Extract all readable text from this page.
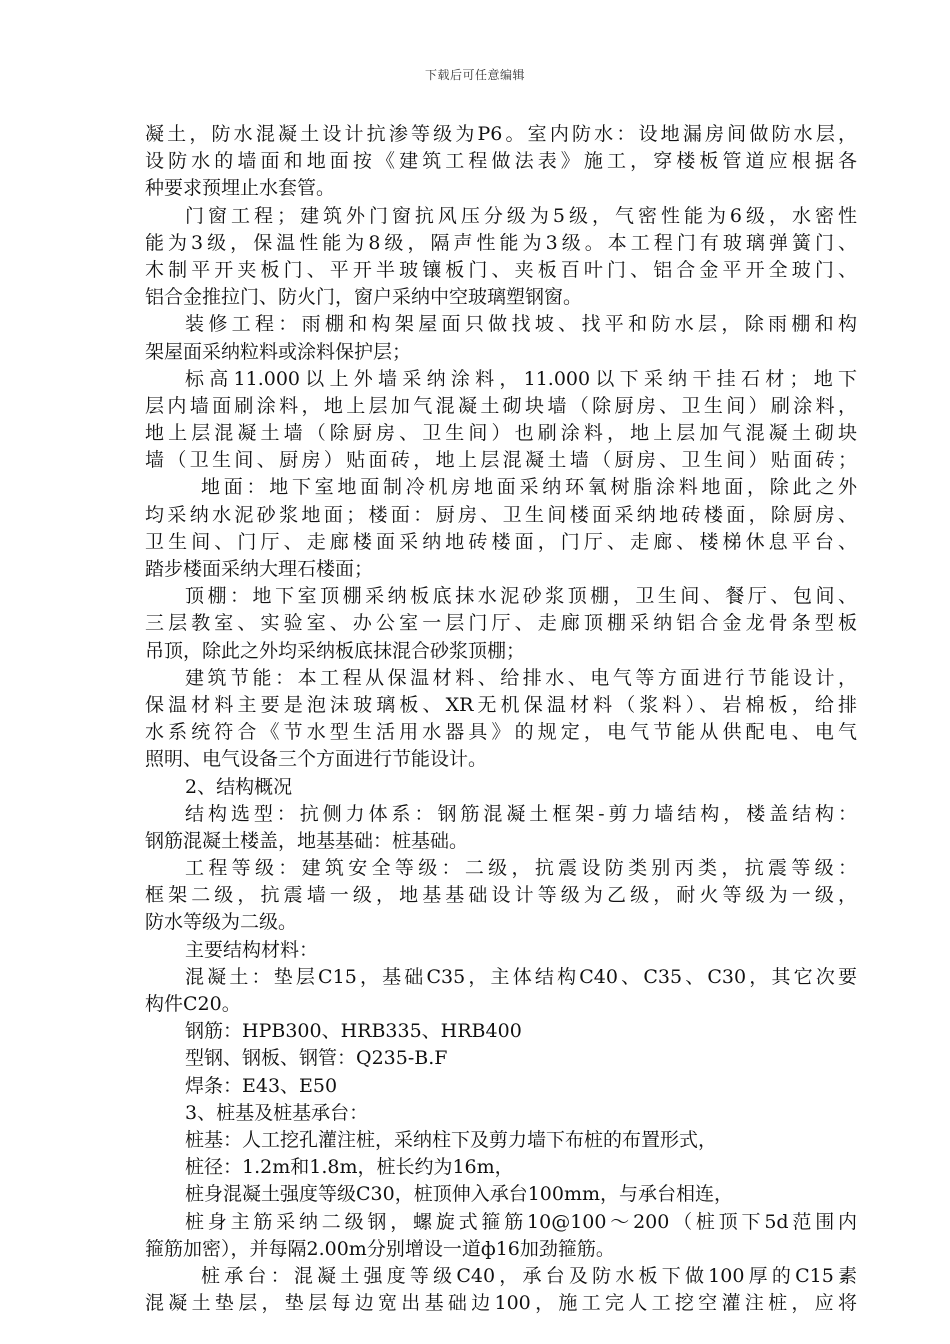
下载后可任意编辑
凝土，防水混凝土设计抗渗等级为P6。室内防水：设地漏房间做防水层，
设防水的墙面和地面按《建筑工程做法表》施工，穿楼板管道应根据各
种要求预埋止水套管。
门窗工程；建筑外门窗抗风压分级为5级，气密性能为6级，水密性
能为3级，保温性能为8级，隔声性能为3级。本工程门有玻璃弹簧门、
木制平开夹板门、平开半玻镶板门、夹板百叶门、铝合金平开全玻门、
铝合金推拉门、防火门，窗户采纳中空玻璃塑钢窗。
装修工程：雨棚和构架屋面只做找坡、找平和防水层，除雨棚和构
架屋面采纳粒料或涂料保护层；
标高11.000以上外墙采纳涂料，11.000以下采纳干挂石材；地下
层内墙面刷涂料，地上层加气混凝土砌块墙（除厨房、卫生间）刷涂料，
地上层混凝土墙（除厨房、卫生间）也刷涂料，地上层加气混凝土砌块
墙（卫生间、厨房）贴面砖，地上层混凝土墙（厨房、卫生间）贴面砖；
地面：地下室地面制冷机房地面采纳环氧树脂涂料地面，除此之外
均采纳水泥砂浆地面；楼面：厨房、卫生间楼面采纳地砖楼面，除厨房、
卫生间、门厅、走廊楼面采纳地砖楼面，门厅、走廊、楼梯休息平台、
踏步楼面采纳大理石楼面；
顶棚：地下室顶棚采纳板底抹水泥砂浆顶棚，卫生间、餐厅、包间、
三层教室、实验室、办公室一层门厅、走廊顶棚采纳铝合金龙骨条型板
吊顶，除此之外均采纳板底抹混合砂浆顶棚；
建筑节能：本工程从保温材料、给排水、电气等方面进行节能设计，
保温材料主要是泡沫玻璃板、XR无机保温材料（浆料）、岩棉板，给排
水系统符合《节水型生活用水器具》的规定，电气节能从供配电、电气
照明、电气设备三个方面进行节能设计。
2、结构概况
结构选型：抗侧力体系：钢筋混凝土框架-剪力墙结构，楼盖结构：
钢筋混凝土楼盖，地基基础：桩基础。
工程等级：建筑安全等级：二级，抗震设防类别丙类，抗震等级：
框架二级，抗震墙一级，地基基础设计等级为乙级，耐火等级为一级，
防水等级为二级。
主要结构材料：
混凝土：垫层C15，基础C35，主体结构C40、C35、C30，其它次要
构件C20。
钢筋：HPB300、HRB335、HRB400
型钢、钢板、钢管：Q235-B.F
焊条：E43、E50
3、桩基及桩基承台：
桩基：人工挖孔灌注桩，采纳柱下及剪力墙下布桩的布置形式，
桩径：1.2m和1.8m，桩长约为16m，
桩身混凝土强度等级C30，桩顶伸入承台100mm，与承台相连，
桩身主筋采纳二级钢，螺旋式箍筋10@100～200（桩顶下5d范围内
箍筋加密），并每隔2.00m分别增设一道ф16加劲箍筋。
桩承台：混凝土强度等级C40，承台及防水板下做100厚的C15素
混凝土垫层，垫层每边宽出基础边100，施工完人工挖空灌注桩，应将
